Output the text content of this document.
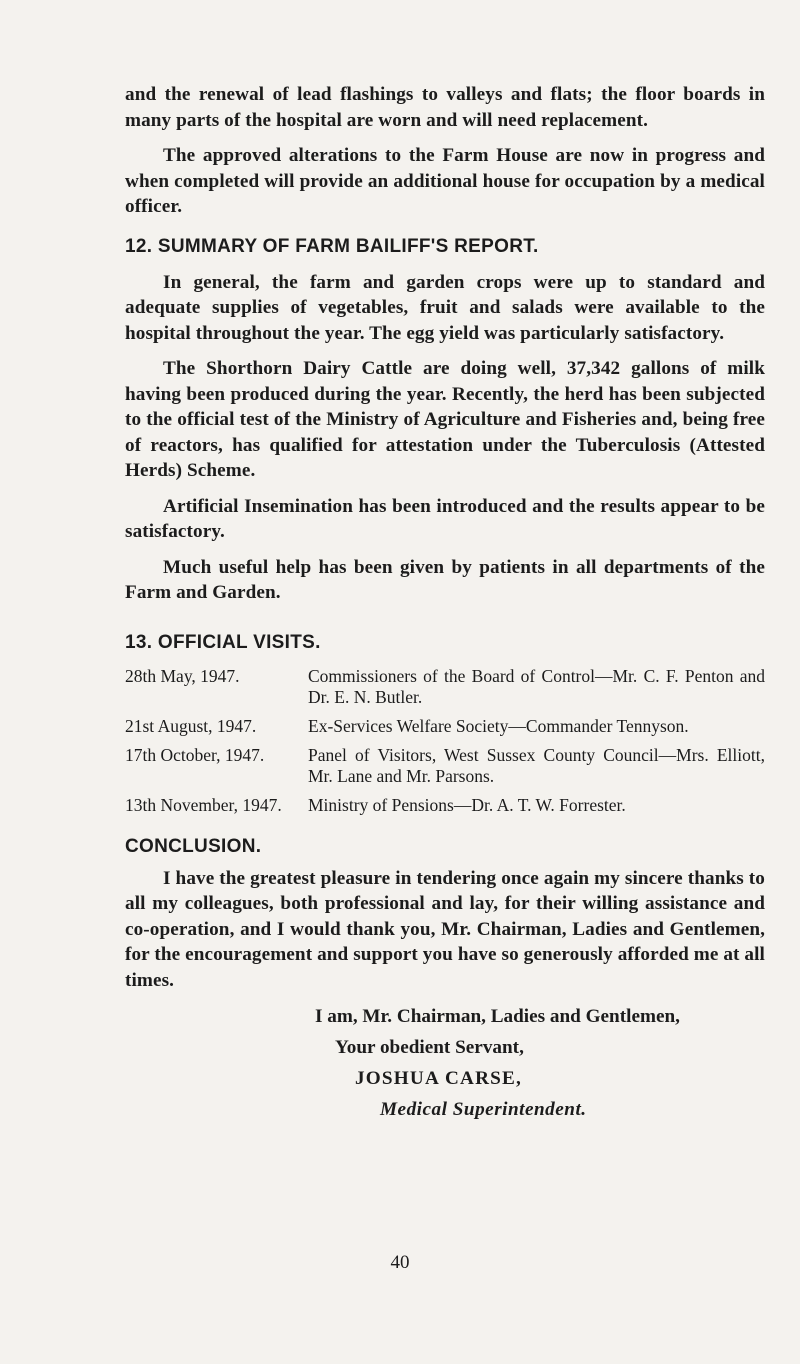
and the renewal of lead flashings to valleys and flats; the floor boards in many parts of the hospital are worn and will need replacement.

The approved alterations to the Farm House are now in progress and when completed will provide an additional house for occupation by a medical officer.

12. SUMMARY OF FARM BAILIFF'S REPORT.

In general, the farm and garden crops were up to standard and adequate supplies of vegetables, fruit and salads were available to the hospital throughout the year. The egg yield was particularly satisfactory.

The Shorthorn Dairy Cattle are doing well, 37,342 gallons of milk having been produced during the year. Recently, the herd has been subjected to the official test of the Ministry of Agriculture and Fisheries and, being free of reactors, has qualified for attestation under the Tuberculosis (Attested Herds) Scheme.

Artificial Insemination has been introduced and the results appear to be satisfactory.

Much useful help has been given by patients in all departments of the Farm and Garden.

13. OFFICIAL VISITS.
28th May, 1947.	Commissioners of the Board of Control—Mr. C. F. Penton and Dr. E. N. Butler.
21st August, 1947.	Ex-Services Welfare Society—Commander Tennyson.
17th October, 1947.	Panel of Visitors, West Sussex County Council—Mrs. Elliott, Mr. Lane and Mr. Parsons.
13th November, 1947.	Ministry of Pensions—Dr. A. T. W. Forrester.
CONCLUSION.

I have the greatest pleasure in tendering once again my sincere thanks to all my colleagues, both professional and lay, for their willing assistance and co-operation, and I would thank you, Mr. Chairman, Ladies and Gentlemen, for the encouragement and support you have so generously afforded me at all times.

I am, Mr. Chairman, Ladies and Gentlemen,
Your obedient Servant,
JOSHUA CARSE,
Medical Superintendent.
40
